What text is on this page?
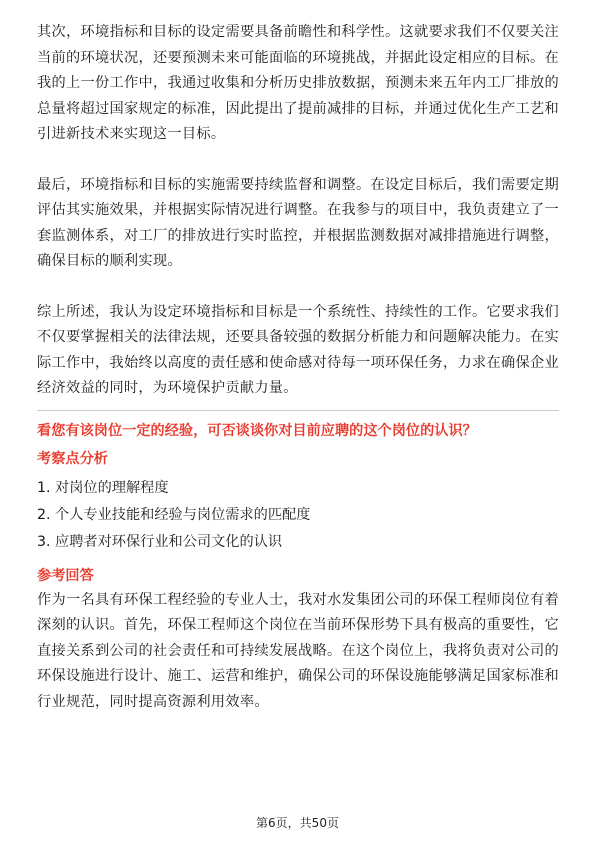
其次，环境指标和目标的设定需要具备前瞻性和科学性。这就要求我们不仅要关注当前的环境状况，还要预测未来可能面临的环境挑战，并据此设定相应的目标。在我的上一份工作中，我通过收集和分析历史排放数据，预测未来五年内工厂排放的总量将超过国家规定的标准，因此提出了提前减排的目标，并通过优化生产工艺和引进新技术来实现这一目标。

最后，环境指标和目标的实施需要持续监督和调整。在设定目标后，我们需要定期评估其实施效果，并根据实际情况进行调整。在我参与的项目中，我负责建立了一套监测体系，对工厂的排放进行实时监控，并根据监测数据对减排措施进行调整，确保目标的顺利实现。

综上所述，我认为设定环境指标和目标是一个系统性、持续性的工作。它要求我们不仅要掌握相关的法律法规，还要具备较强的数据分析能力和问题解决能力。在实际工作中，我始终以高度的责任感和使命感对待每一项环保任务，力求在确保企业经济效益的同时，为环境保护贡献力量。

看您有该岗位一定的经验，可否谈谈你对目前应聘的这个岗位的认识？

考察点分析

1. 对岗位的理解程度
2. 个人专业技能和经验与岗位需求的匹配度
3. 应聘者对环保行业和公司文化的认识

参考回答

作为一名具有环保工程经验的专业人士，我对水发集团公司的环保工程师岗位有着深刻的认识。首先，环保工程师这个岗位在当前环保形势下具有极高的重要性，它直接关系到公司的社会责任和可持续发展战略。在这个岗位上，我将负责对公司的环保设施进行设计、施工、运营和维护，确保公司的环保设施能够满足国家标准和行业规范，同时提高资源利用效率。

第6页，共50页
